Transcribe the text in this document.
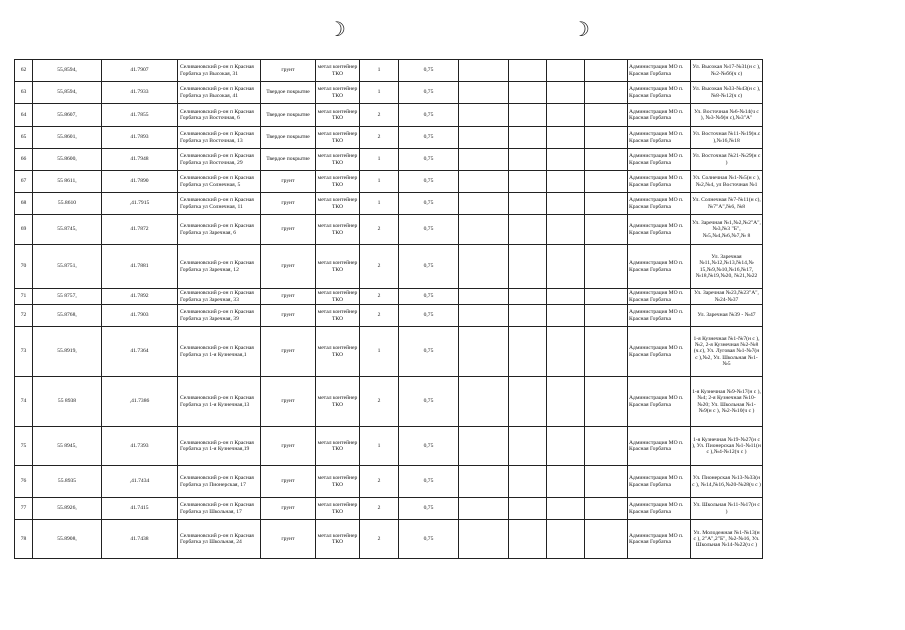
☽	☽
62	55,8594,	41.7907	Селивановский р-он п Красная Горбатка ул Высокая, 31	грунт	метал контейнер ТКО	1	0,75					Администрация МО п. Красная Горбатка	Ул. Высокая №17-№31(н с ), №2-№б6(ч с)
63	55,8594,	41.7933	Селивановский р-он п Красная Горбатка ул Высокая, 41	Твердое покрытие	метал контейнер ТКО	1	0,75					Администрация МО п. Красная Горбатка	Ул. Высокая №33-№43(н с ), №8-№12(ч с)
64	55.8607,	41.7855	Селивановский р-он п Красная Горбатка ул Восточная, 6	Твердое покрытие	метал контейнер ТКО	2	0,75					Администрация МО п. Красная Горбатка	Ул. Восточная №6-№14(ч с ), №3-№9(н с),№3"А"
65	55.8601,	41.7893	Селивановский р-он п Красная Горбатка ул Восточная, 13	Твердое покрытие	метал контейнер ТКО	2	0,75					Администрация МО п. Красная Горбатка	Ул. Восточная №11-№19(н.с ),№16,№18
66	55.8600,	41.7948	Селивановский р-он п Красная Горбатка ул Восточная, 29	Твердое покрытие	метал контейнер ТКО	1	0,75					Администрация МО п. Красная Горбатка	Ул. Восточная №21-№29(н с )
67	55 8611,	41.7890	Селивановский р-он п Красная Горбатка ул Солнечная, 5	грунт	метал контейнер ТКО	1	0,75					Администрация МО п. Красная Горбатка	Ул. Солнечная №1-№5(н с ),№2,№4, ул Восточная №1
68	55.8610	,41.7915	Селивановский р-он п Красная Горбатка ул Солнечная, 11	грунт	метал контейнер ТКО	1	0,75					Администрация МО п. Красная Горбатка	Ул. Солнечная №7-№11(н с),№7"А",№6, №8
69	55.8745,	41.7872	Селивановский р-он п Красная Горбатка ул Заречная, 6	грунт	метал контейнер ТКО	2	0,75					Администрация МО п. Красная Горбатка	Ул. Заречная №1,№2,№2"А",№3,№3 "Б",№5,№4,№6,№7,№ 8
70	55.8751,	41.7881	Селивановский р-он п Красная Горбатка ул Заречная, 12	грунт	метал контейнер ТКО	2	0,75					Администрация МО п. Красная Горбатка	Ул. Заречная №11,№12,№13,№14,№ 15,№9,№10,№16,№17, №18,№19,№20, №21,№22
71	55 8757,	41.7892	Селивановский р-он п Красная Горбатка ул Заречная, 33	грунт	метал контейнер ТКО	2	0,75					Администрация МО п. Красная Горбатка	Ул. Заречная №23,№23"А",№24-№37
72	55.8768,	41.7903	Селивановский р-он п Красная Горбатка ул Заречная, 39	грунт	метал контейнер ТКО	2	0,75					Администрация МО п. Красная Горбатка	Ул. Заречная №39 - №47
73	55.8919,	41.7364	Селивановский р-он п Красная Горбатка ул 1-я Кузнечная,1	грунт	метал контейнер ТКО	1	0,75					Администрация МО п. Красная Горбатка	1-я Кузнечная №1-№7(н с ),№2, 2-я Кузнечная №2-№8 (ч.с), Ул. Луговая №1-№7(н с ),№2, Ул. Школьная №1-№5
74	55 8938	,41.7386	Селивановский р-он п Красная Горбатка ул 1-я Кузнечная,13	грунт	метал контейнер ТКО	2	0,75					Администрация МО п. Красная Горбатка	1-я Кузнечная №9-№17(н с ), №4; 2-я Кузнечная №10-№20; Ул. Школьная №1-№9(н с ), №2-№10(ч с )
75	55 8945,	41.7393	Селивановский р-он п Красная Горбатка ул 1-я Кузнечная,19	грунт	метал контейнер ТКО	1	0,75					Администрация МО п. Красная Горбатка	1-я Кузнечная №19-№27(н с ), Ул. Пионерская №1-№11(н с ),№4-№12(ч с )
76	55.8935	,41.7434	Селивановский р-он п Красная Горбатка ул Пионерская, 17	грунт	метал контейнер ТКО	2	0,75					Администрация МО п. Красная Горбатка	Ул. Пионерская №13-№33(н с ), №14,№16,№20-№28(ч с )
77	55.8926,	41.7415	Селивановский р-он п Красная Горбатка ул Школьная, 17	грунт	метал контейнер ТКО	2	0,75					Администрация МО п. Красная Горбатка	Ул. Школьная №11-№17(н с )
78	55.8908,	41.7438	Селивановский р-он п Красная Горбатка ул Школьная, 24	грунт	метал контейнер ТКО	2	0,75					Администрация МО п. Красная Горбатка	Ул. Молодежная №1-№13(н с ), 2"А",2"Б", №2-№16, Ул. Школьная №14-№22(ч с )
